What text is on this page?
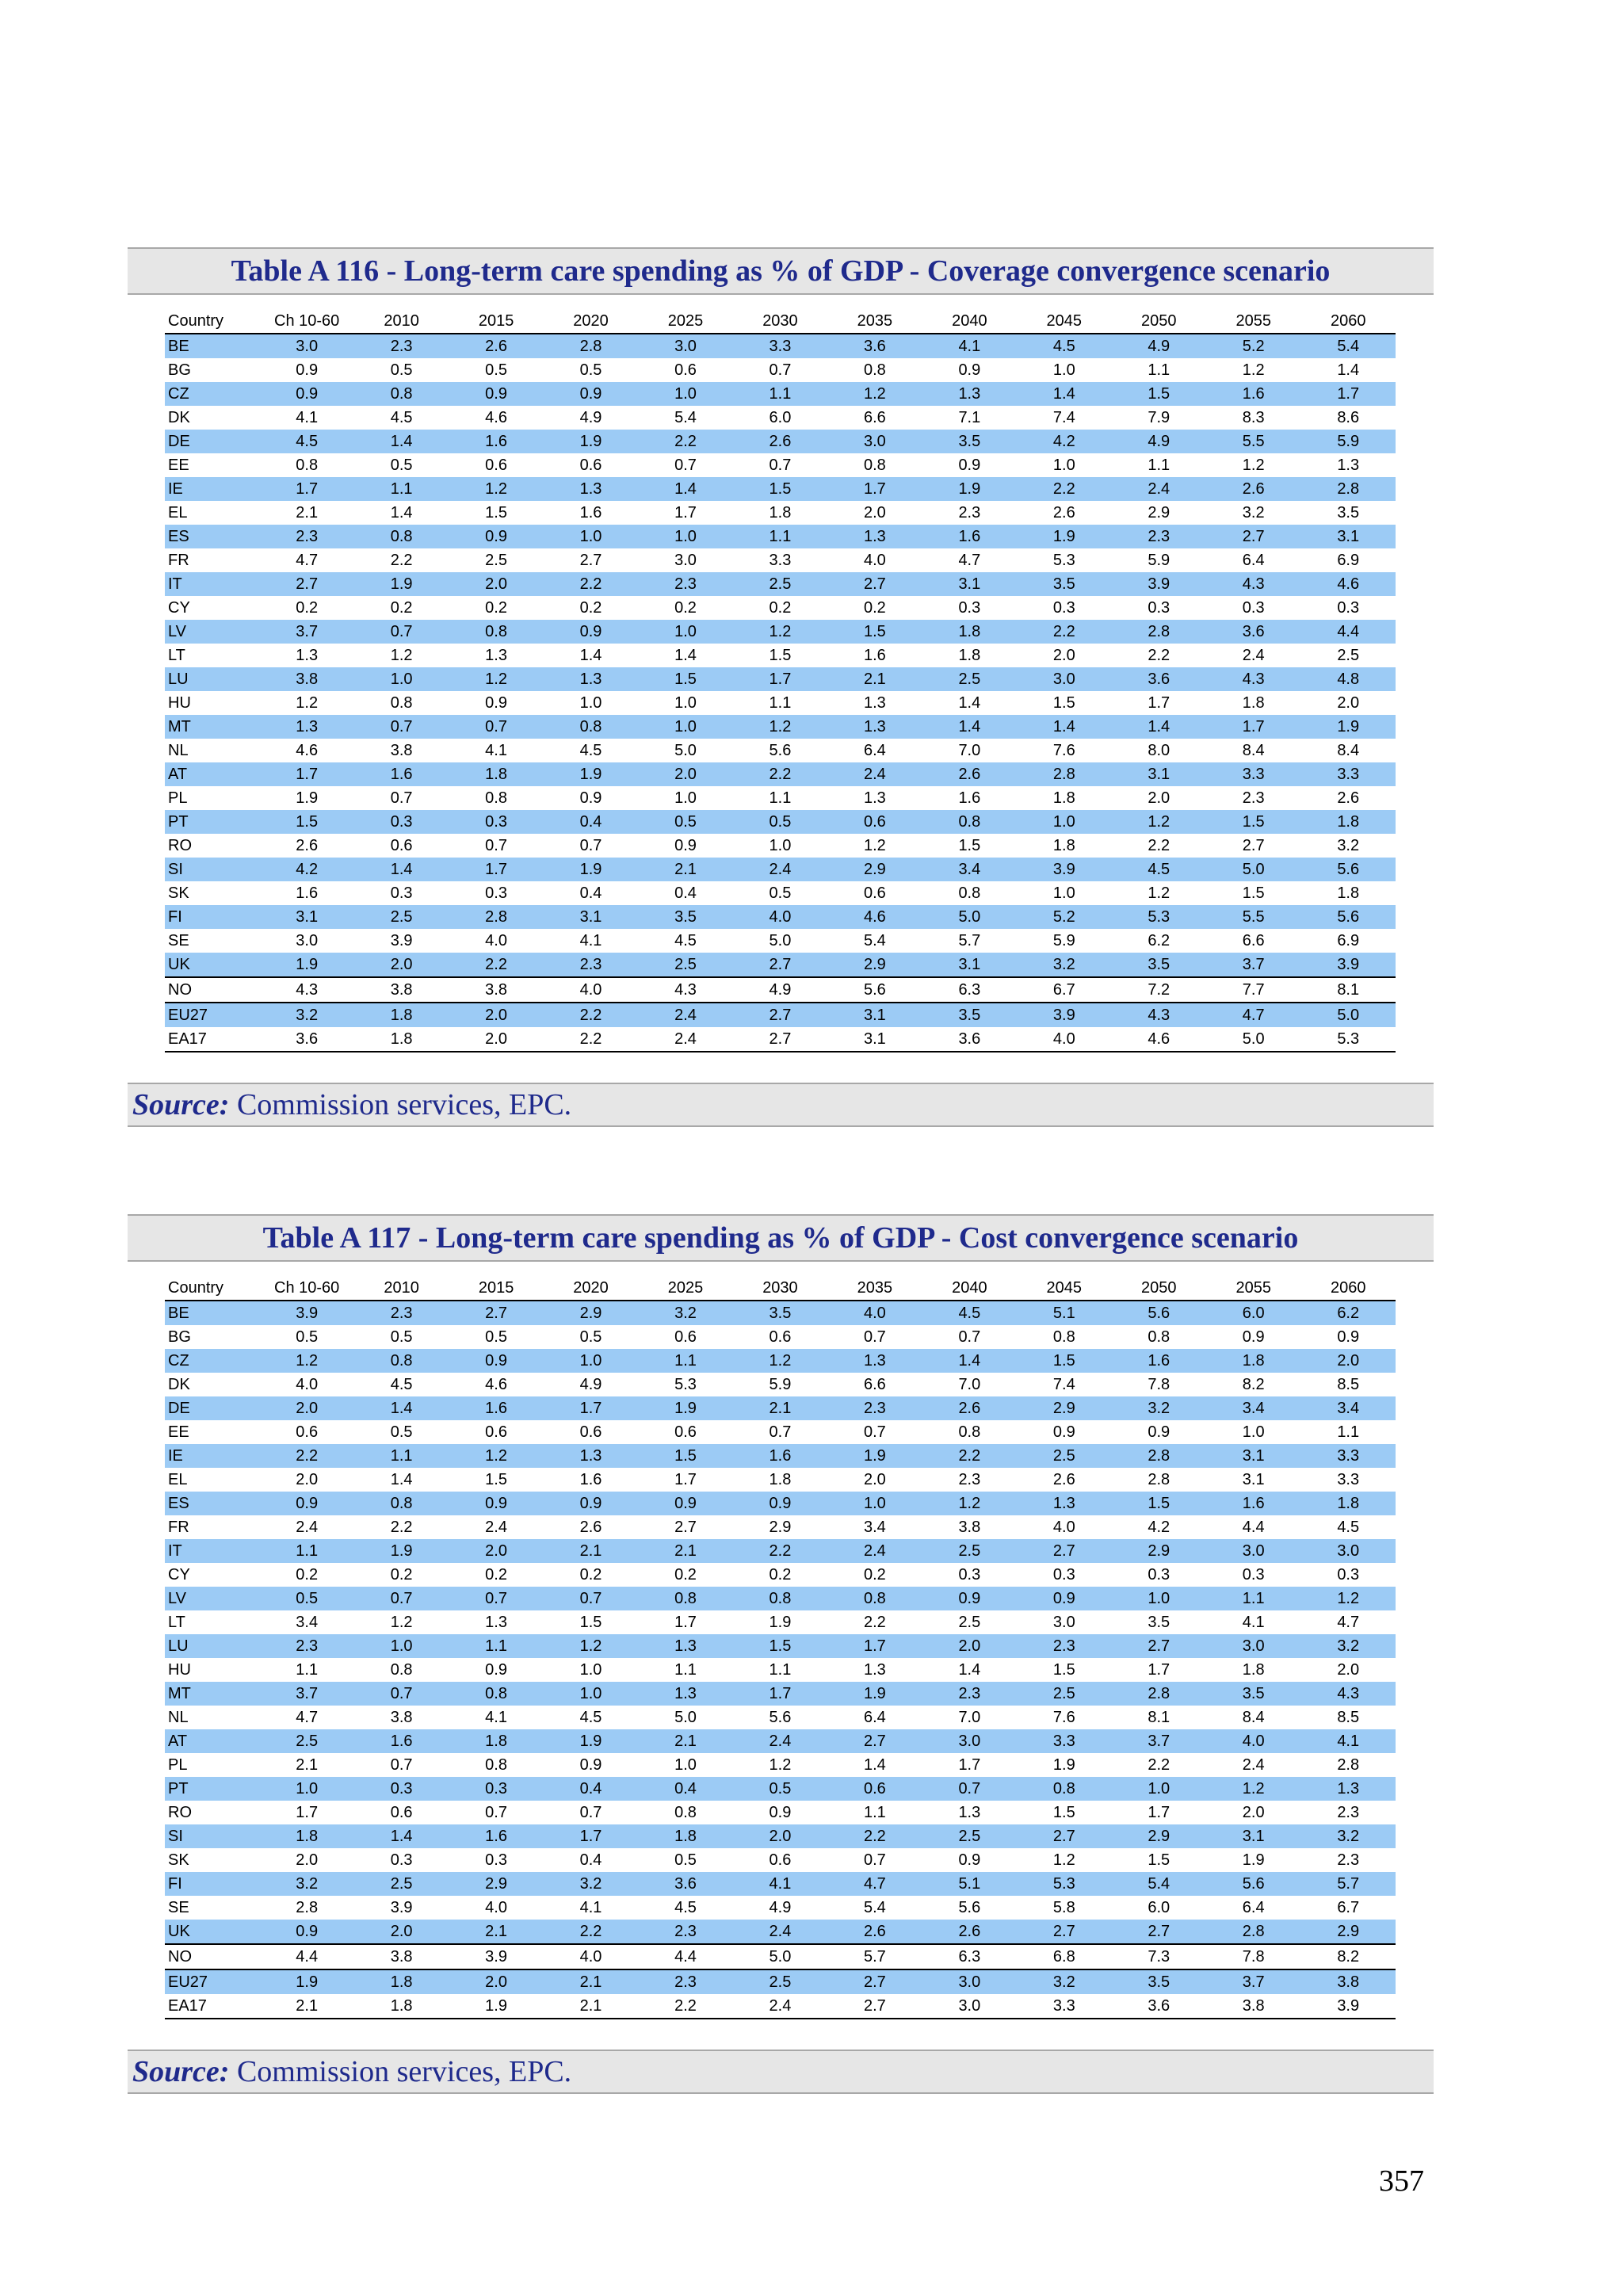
Table A 116 - Long-term care spending as % of GDP - Coverage convergence scenario
Country	Ch 10-60	2010	2015	2020	2025	2030	2035	2040	2045	2050	2055	2060
BE	3.0	2.3	2.6	2.8	3.0	3.3	3.6	4.1	4.5	4.9	5.2	5.4
BG	0.9	0.5	0.5	0.5	0.6	0.7	0.8	0.9	1.0	1.1	1.2	1.4
CZ	0.9	0.8	0.9	0.9	1.0	1.1	1.2	1.3	1.4	1.5	1.6	1.7
DK	4.1	4.5	4.6	4.9	5.4	6.0	6.6	7.1	7.4	7.9	8.3	8.6
DE	4.5	1.4	1.6	1.9	2.2	2.6	3.0	3.5	4.2	4.9	5.5	5.9
EE	0.8	0.5	0.6	0.6	0.7	0.7	0.8	0.9	1.0	1.1	1.2	1.3
IE	1.7	1.1	1.2	1.3	1.4	1.5	1.7	1.9	2.2	2.4	2.6	2.8
EL	2.1	1.4	1.5	1.6	1.7	1.8	2.0	2.3	2.6	2.9	3.2	3.5
ES	2.3	0.8	0.9	1.0	1.0	1.1	1.3	1.6	1.9	2.3	2.7	3.1
FR	4.7	2.2	2.5	2.7	3.0	3.3	4.0	4.7	5.3	5.9	6.4	6.9
IT	2.7	1.9	2.0	2.2	2.3	2.5	2.7	3.1	3.5	3.9	4.3	4.6
CY	0.2	0.2	0.2	0.2	0.2	0.2	0.2	0.3	0.3	0.3	0.3	0.3
LV	3.7	0.7	0.8	0.9	1.0	1.2	1.5	1.8	2.2	2.8	3.6	4.4
LT	1.3	1.2	1.3	1.4	1.4	1.5	1.6	1.8	2.0	2.2	2.4	2.5
LU	3.8	1.0	1.2	1.3	1.5	1.7	2.1	2.5	3.0	3.6	4.3	4.8
HU	1.2	0.8	0.9	1.0	1.0	1.1	1.3	1.4	1.5	1.7	1.8	2.0
MT	1.3	0.7	0.7	0.8	1.0	1.2	1.3	1.4	1.4	1.4	1.7	1.9
NL	4.6	3.8	4.1	4.5	5.0	5.6	6.4	7.0	7.6	8.0	8.4	8.4
AT	1.7	1.6	1.8	1.9	2.0	2.2	2.4	2.6	2.8	3.1	3.3	3.3
PL	1.9	0.7	0.8	0.9	1.0	1.1	1.3	1.6	1.8	2.0	2.3	2.6
PT	1.5	0.3	0.3	0.4	0.5	0.5	0.6	0.8	1.0	1.2	1.5	1.8
RO	2.6	0.6	0.7	0.7	0.9	1.0	1.2	1.5	1.8	2.2	2.7	3.2
SI	4.2	1.4	1.7	1.9	2.1	2.4	2.9	3.4	3.9	4.5	5.0	5.6
SK	1.6	0.3	0.3	0.4	0.4	0.5	0.6	0.8	1.0	1.2	1.5	1.8
FI	3.1	2.5	2.8	3.1	3.5	4.0	4.6	5.0	5.2	5.3	5.5	5.6
SE	3.0	3.9	4.0	4.1	4.5	5.0	5.4	5.7	5.9	6.2	6.6	6.9
UK	1.9	2.0	2.2	2.3	2.5	2.7	2.9	3.1	3.2	3.5	3.7	3.9
NO	4.3	3.8	3.8	4.0	4.3	4.9	5.6	6.3	6.7	7.2	7.7	8.1
EU27	3.2	1.8	2.0	2.2	2.4	2.7	3.1	3.5	3.9	4.3	4.7	5.0
EA17	3.6	1.8	2.0	2.2	2.4	2.7	3.1	3.6	4.0	4.6	5.0	5.3
Source:
Commission services, EPC.
Table A 117 - Long-term care spending as % of GDP - Cost convergence scenario
Country	Ch 10-60	2010	2015	2020	2025	2030	2035	2040	2045	2050	2055	2060
BE	3.9	2.3	2.7	2.9	3.2	3.5	4.0	4.5	5.1	5.6	6.0	6.2
BG	0.5	0.5	0.5	0.5	0.6	0.6	0.7	0.7	0.8	0.8	0.9	0.9
CZ	1.2	0.8	0.9	1.0	1.1	1.2	1.3	1.4	1.5	1.6	1.8	2.0
DK	4.0	4.5	4.6	4.9	5.3	5.9	6.6	7.0	7.4	7.8	8.2	8.5
DE	2.0	1.4	1.6	1.7	1.9	2.1	2.3	2.6	2.9	3.2	3.4	3.4
EE	0.6	0.5	0.6	0.6	0.6	0.7	0.7	0.8	0.9	0.9	1.0	1.1
IE	2.2	1.1	1.2	1.3	1.5	1.6	1.9	2.2	2.5	2.8	3.1	3.3
EL	2.0	1.4	1.5	1.6	1.7	1.8	2.0	2.3	2.6	2.8	3.1	3.3
ES	0.9	0.8	0.9	0.9	0.9	0.9	1.0	1.2	1.3	1.5	1.6	1.8
FR	2.4	2.2	2.4	2.6	2.7	2.9	3.4	3.8	4.0	4.2	4.4	4.5
IT	1.1	1.9	2.0	2.1	2.1	2.2	2.4	2.5	2.7	2.9	3.0	3.0
CY	0.2	0.2	0.2	0.2	0.2	0.2	0.2	0.3	0.3	0.3	0.3	0.3
LV	0.5	0.7	0.7	0.7	0.8	0.8	0.8	0.9	0.9	1.0	1.1	1.2
LT	3.4	1.2	1.3	1.5	1.7	1.9	2.2	2.5	3.0	3.5	4.1	4.7
LU	2.3	1.0	1.1	1.2	1.3	1.5	1.7	2.0	2.3	2.7	3.0	3.2
HU	1.1	0.8	0.9	1.0	1.1	1.1	1.3	1.4	1.5	1.7	1.8	2.0
MT	3.7	0.7	0.8	1.0	1.3	1.7	1.9	2.3	2.5	2.8	3.5	4.3
NL	4.7	3.8	4.1	4.5	5.0	5.6	6.4	7.0	7.6	8.1	8.4	8.5
AT	2.5	1.6	1.8	1.9	2.1	2.4	2.7	3.0	3.3	3.7	4.0	4.1
PL	2.1	0.7	0.8	0.9	1.0	1.2	1.4	1.7	1.9	2.2	2.4	2.8
PT	1.0	0.3	0.3	0.4	0.4	0.5	0.6	0.7	0.8	1.0	1.2	1.3
RO	1.7	0.6	0.7	0.7	0.8	0.9	1.1	1.3	1.5	1.7	2.0	2.3
SI	1.8	1.4	1.6	1.7	1.8	2.0	2.2	2.5	2.7	2.9	3.1	3.2
SK	2.0	0.3	0.3	0.4	0.5	0.6	0.7	0.9	1.2	1.5	1.9	2.3
FI	3.2	2.5	2.9	3.2	3.6	4.1	4.7	5.1	5.3	5.4	5.6	5.7
SE	2.8	3.9	4.0	4.1	4.5	4.9	5.4	5.6	5.8	6.0	6.4	6.7
UK	0.9	2.0	2.1	2.2	2.3	2.4	2.6	2.6	2.7	2.7	2.8	2.9
NO	4.4	3.8	3.9	4.0	4.4	5.0	5.7	6.3	6.8	7.3	7.8	8.2
EU27	1.9	1.8	2.0	2.1	2.3	2.5	2.7	3.0	3.2	3.5	3.7	3.8
EA17	2.1	1.8	1.9	2.1	2.2	2.4	2.7	3.0	3.3	3.6	3.8	3.9
Source:
Commission services, EPC.
357
